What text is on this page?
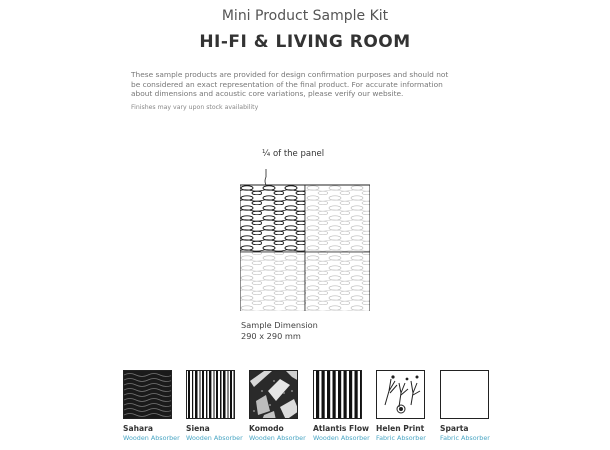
Mini Product Sample Kit
HI-FI & LIVING ROOM
These sample products are provided for design confirmation purposes and should not be considered an exact representation of the final product. For accurate information about dimensions and acoustic core variations, please verify our website.
Finishes may vary upon stock availability
¼ of the panel
Sample Dimension
290 x 290 mm
Sahara
Wooden Absorber
Siena
Wooden Absorber
Komodo
Wooden Absorber
Atlantis Flow
Wooden Absorber
Helen Print
Fabric Absorber
Sparta
Fabric Absorber
